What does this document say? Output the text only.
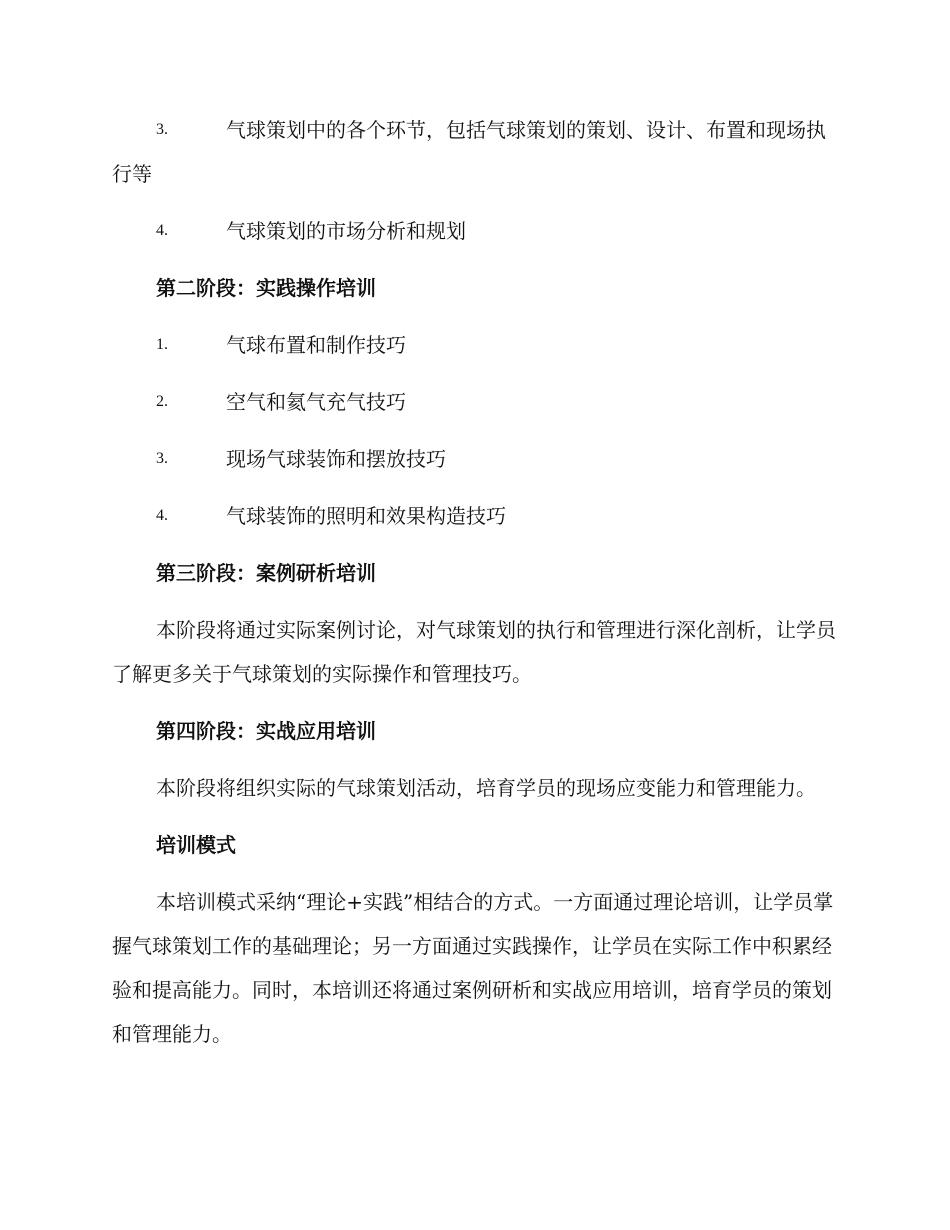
3.	气球策划中的各个环节，包括气球策划的策划、设计、布置和现场执行等
4.	气球策划的市场分析和规划
第二阶段：实践操作培训
1.	气球布置和制作技巧
2.	空气和氦气充气技巧
3.	现场气球装饰和摆放技巧
4.	气球装饰的照明和效果构造技巧
第三阶段：案例研析培训
本阶段将通过实际案例讨论，对气球策划的执行和管理进行深化剖析，让学员了解更多关于气球策划的实际操作和管理技巧。
第四阶段：实战应用培训
本阶段将组织实际的气球策划活动，培育学员的现场应变能力和管理能力。
培训模式
本培训模式采纳“理论+实践”相结合的方式。一方面通过理论培训，让学员掌握气球策划工作的基础理论；另一方面通过实践操作，让学员在实际工作中积累经验和提高能力。同时，本培训还将通过案例研析和实战应用培训，培育学员的策划和管理能力。
